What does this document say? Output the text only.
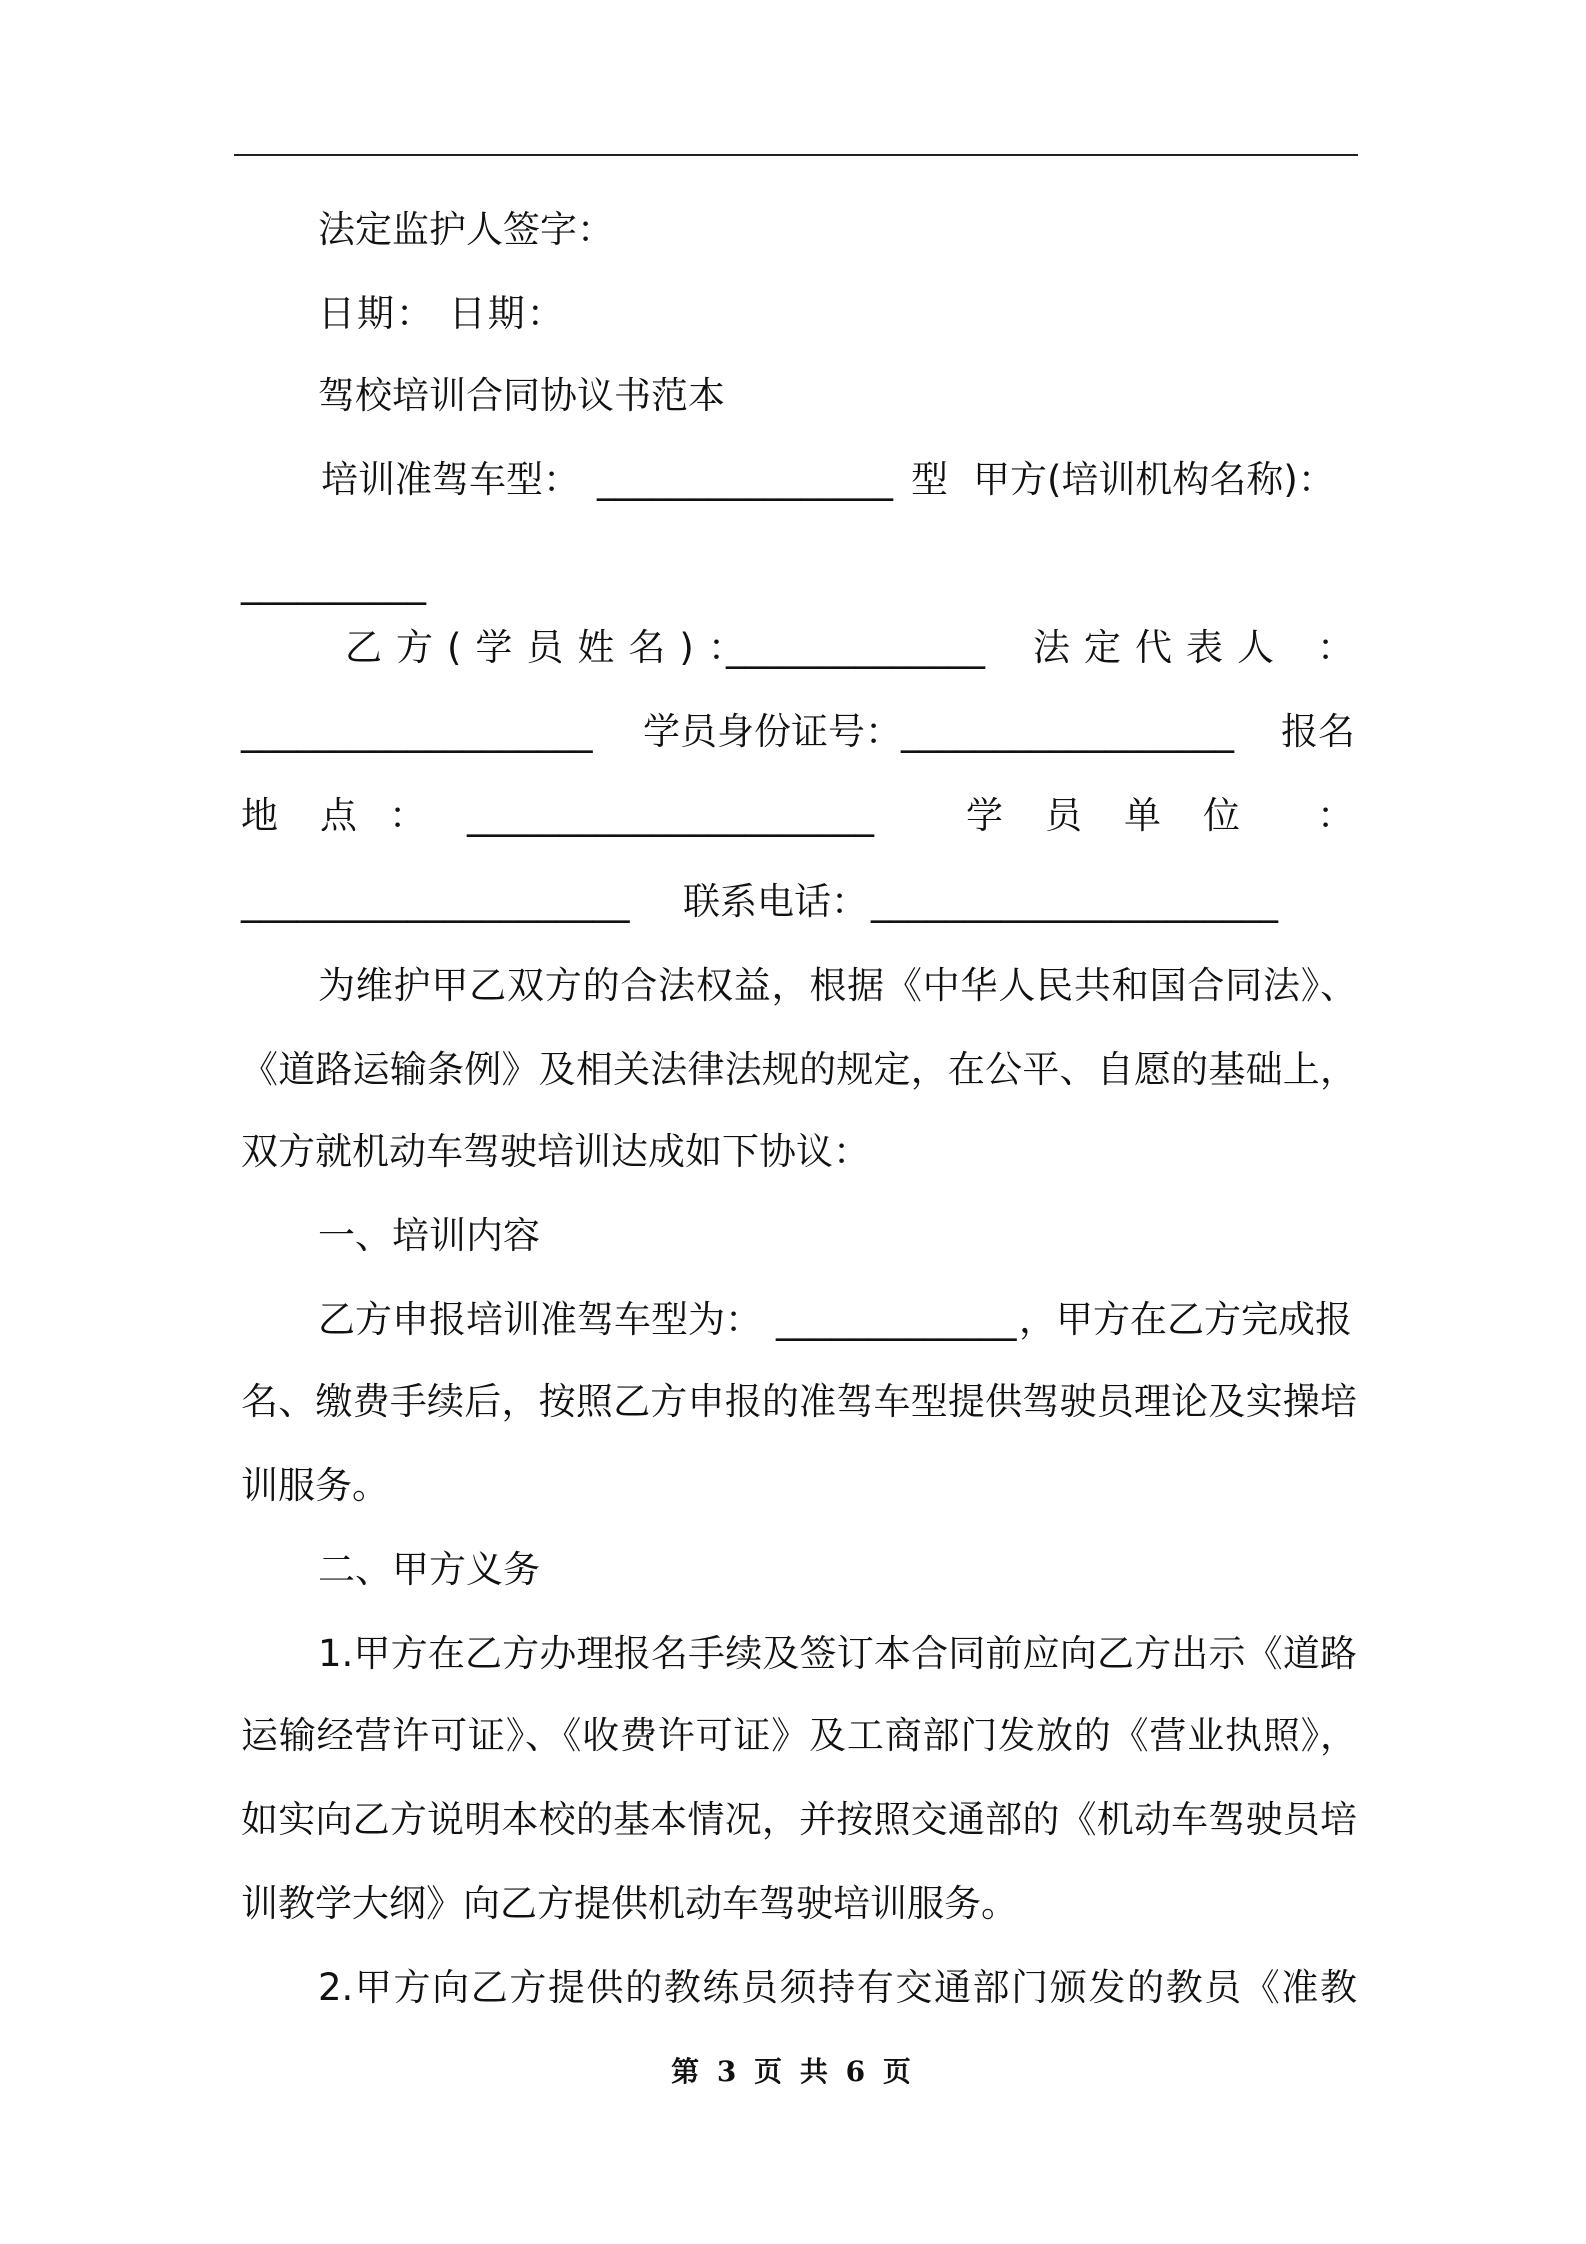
法定监护人签字：

日期： 日期：

驾校培训合同协议书范本

培训准驾车型： ________________ 型 甲方(培训机构名称)：

__________

乙方(学员姓名)：
______________ 法定代表人 ：
___________________ 学员身份证号： __________________ 报名
地点
： ______________________ 学员单位 ：
_____________________ 联系电话： ______________________

为维护甲乙双方的合法权益，根据《中华人民共和国合同法》、

《道路运输条例》及相关法律法规的规定，在公平、自愿的基础上，

双方就机动车驾驶培训达成如下协议：

一、培训内容

乙方申报培训准驾车型为： _____________ ，甲方在乙方完成报

名、缴费手续后，按照乙方申报的准驾车型提供驾驶员理论及实操培

训服务。

二、甲方义务

1.甲方在乙方办理报名手续及签订本合同前应向乙方出示《道路

运输经营许可证》、《收费许可证》及工商部门发放的《营业执照》，

如实向乙方说明本校的基本情况，并按照交通部的《机动车驾驶员培

训教学大纲》向乙方提供机动车驾驶培训服务。

2.甲方向乙方提供的教练员须持有交通部门颁发的教员《准教

第 3 页 共 6 页
